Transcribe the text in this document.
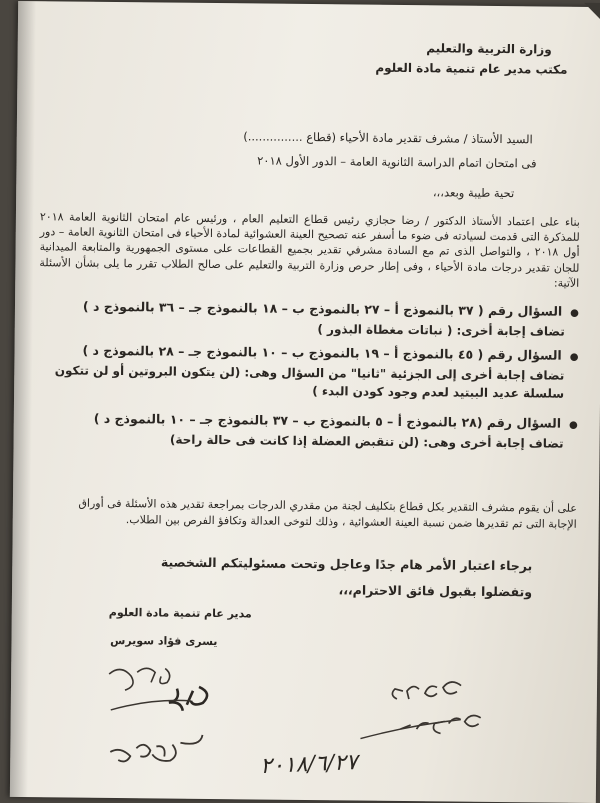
وزارة التربية والتعليم
مكتب مدير عام تنمية مادة العلوم
السيد الأستاذ / مشرف تقدير مادة الأحياء (قطاع ...............)
فى امتحان اتمام الدراسة الثانوية العامة – الدور الأول ٢٠١٨
تحية طيبة وبعد،،،
بناء على اعتماد الأستاذ الدكتور / رضا حجازي رئيس قطاع التعليم العام ، ورئيس عام امتحان الثانوية العامة ٢٠١٨ للمذكرة التى قدمت لسيادته فى ضوء ما أسفر عنه تصحيح العينة العشوائية لمادة الأحياء فى امتحان الثانوية العامة – دور أول ٢٠١٨ ، والتواصل الذى تم مع السادة مشرفي تقدير بجميع القطاعات على مستوى الجمهورية والمتابعة الميدانية للجان تقدير درجات مادة الأحياء ، وفى إطار حرص وزارة التربية والتعليم على صالح الطلاب تقرر ما يلى بشأن الأسئلة الآتية:
●السؤال رقم ( ٣٧ بالنموذج أ – ٢٧ بالنموذج ب – ١٨ بالنموذج جـ – ٣٦ بالنموذج د )
تضاف إجابة أخرى: ( نباتات مغطاة البذور )
●السؤال رقم ( ٤٥ بالنموذج أ – ١٩ بالنموذج ب – ١٠ بالنموذج جـ – ٢٨ بالنموذج د )
تضاف إجابة أخرى إلى الجزئية "ثانيا" من السؤال وهى: (لن يتكون البروتين أو لن تتكون سلسلة عديد الببتيد لعدم وجود كودن البدء )
●السؤال رقم (٢٨ بالنموذج أ – ٥ بالنموذج ب – ٣٧ بالنموذج جـ – ١٠ بالنموذج د )
تضاف إجابة أخرى وهى: (لن تنقبض العضلة إذا كانت فى حالة راحة)
على أن يقوم مشرف التقدير بكل قطاع بتكليف لجنة من مقدري الدرجات بمراجعة تقدير هذه الأسئلة فى أوراق الإجابة التى تم تقديرها ضمن نسبة العينة العشوائية ، وذلك لتوخى العدالة وتكافؤ الفرص بين الطلاب.
برجاء اعتبار الأمر هام جدًا وعاجل وتحت مسئوليتكم الشخصية
وتفضلوا بقبول فائق الاحترام،،،
مدير عام تنمية مادة العلوم
يسرى فؤاد سويرس
٢٠١٨/٦/٢٧
